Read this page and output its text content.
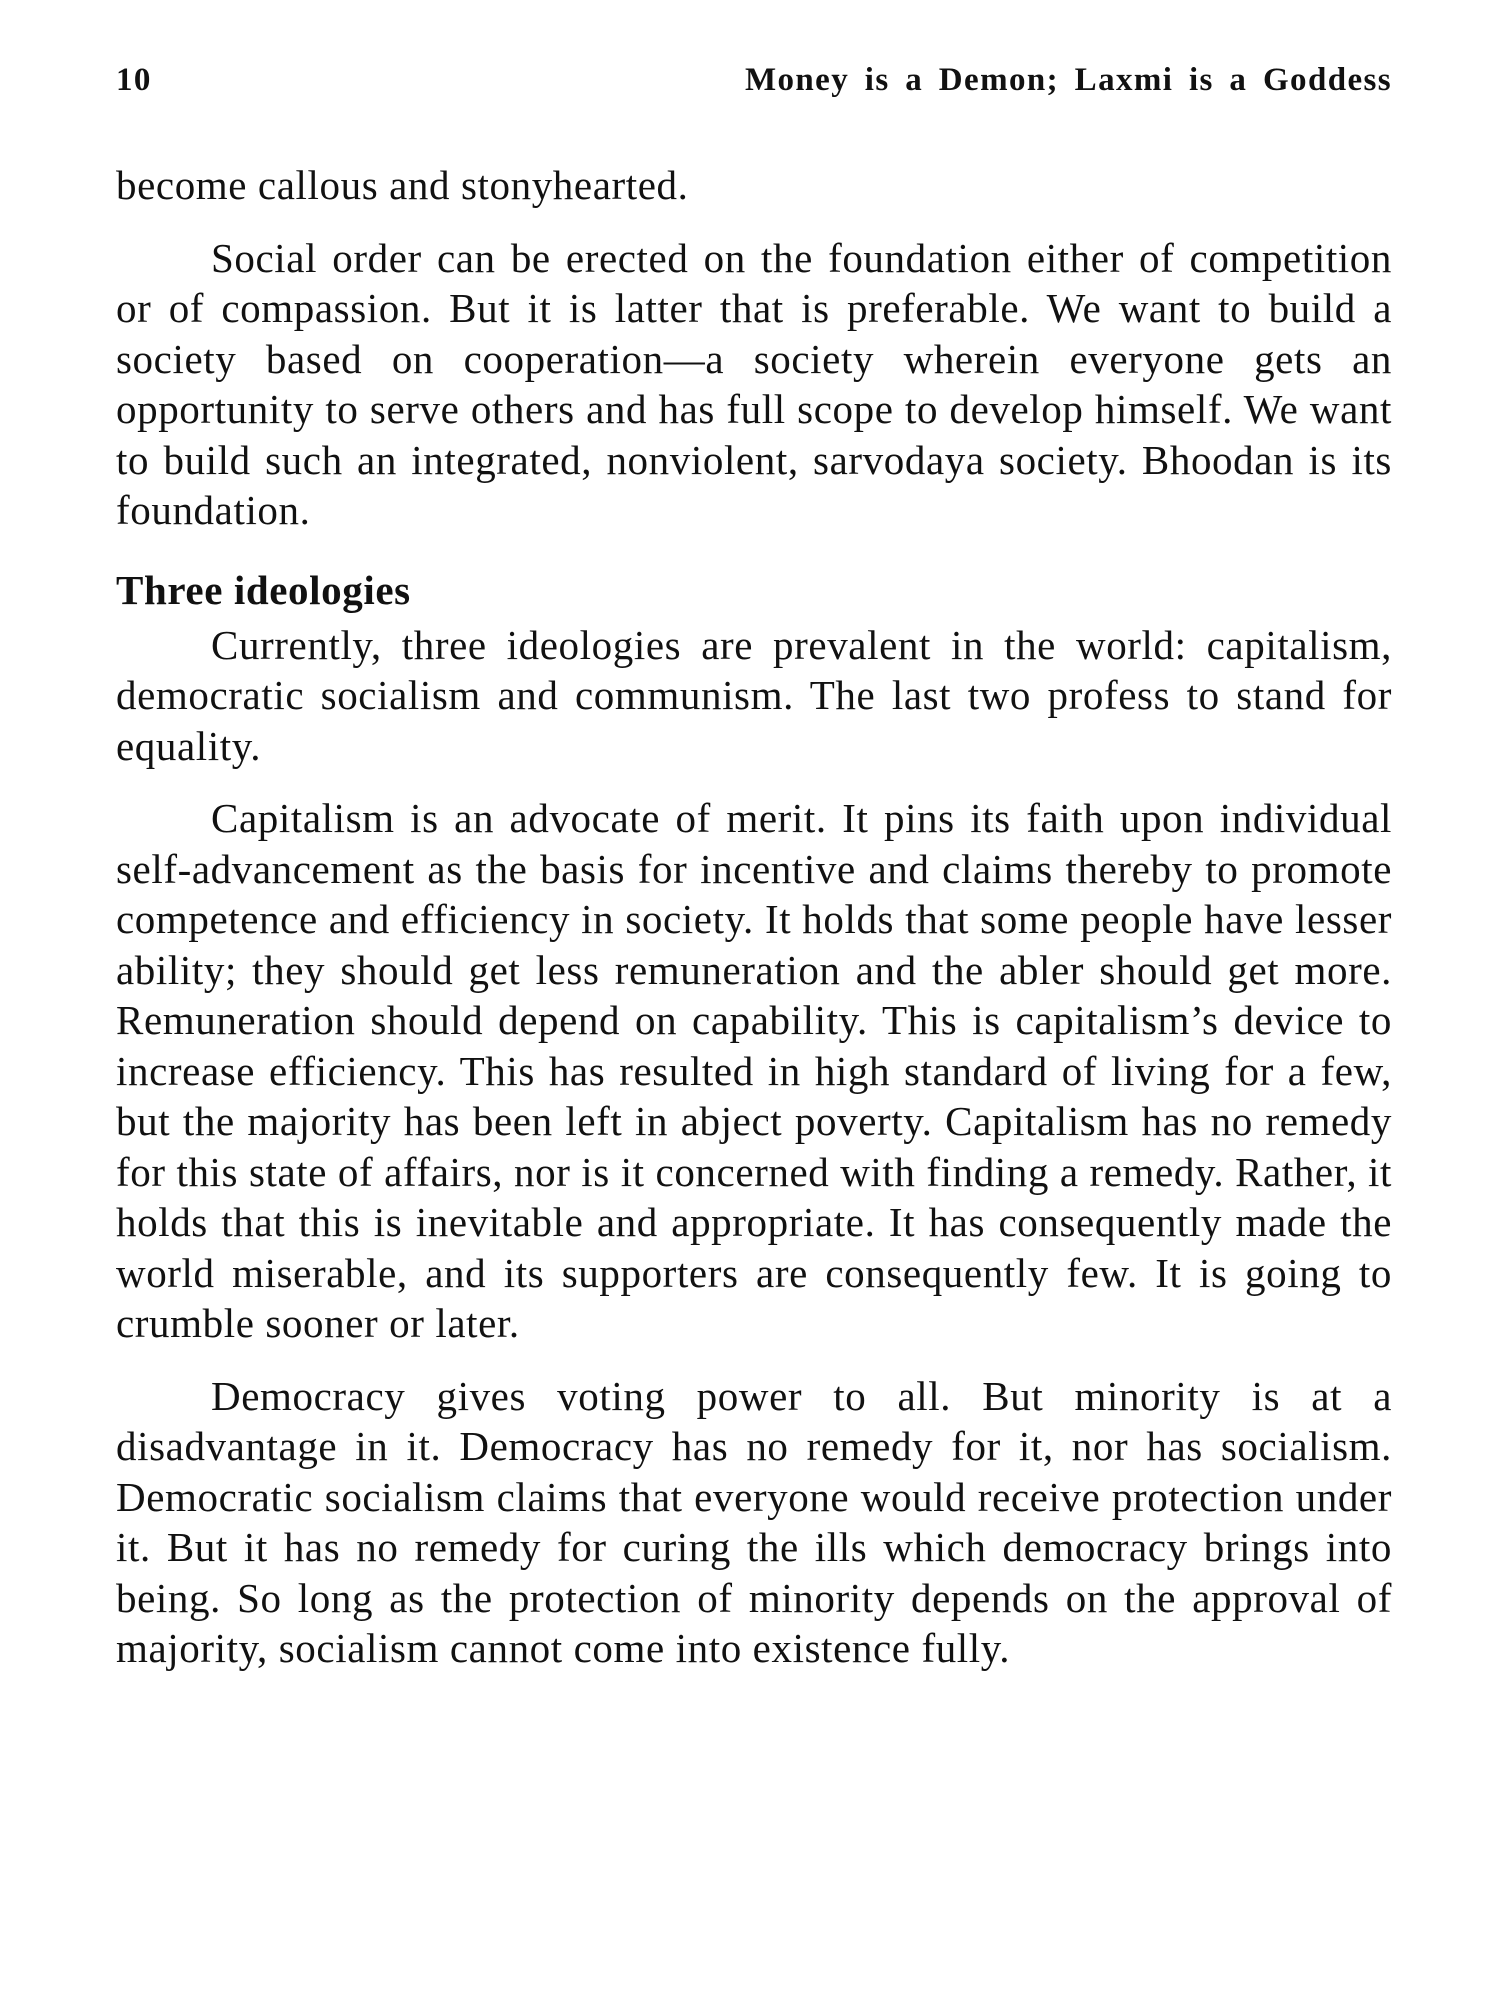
10	Money is a Demon; Laxmi is a Goddess

become callous and stonyhearted.

Social order can be erected on the foundation either of competition or of compassion. But it is latter that is preferable. We want to build a society based on cooperation—a society wherein everyone gets an opportunity to serve others and has full scope to develop himself. We want to build such an integrated, nonviolent, sarvodaya society. Bhoodan is its foundation.

Three ideologies

Currently, three ideologies are prevalent in the world: capitalism, democratic socialism and communism. The last two profess to stand for equality.

Capitalism is an advocate of merit. It pins its faith upon individual self-advancement as the basis for incentive and claims thereby to promote competence and efficiency in society. It holds that some people have lesser ability; they should get less remuneration and the abler should get more. Remuneration should depend on capability. This is capitalism’s device to increase efficiency. This has resulted in high standard of living for a few, but the majority has been left in abject poverty. Capitalism has no remedy for this state of affairs, nor is it concerned with finding a remedy. Rather, it holds that this is inevitable and appropriate. It has consequently made the world miserable, and its supporters are consequently few. It is going to crumble sooner or later.

Democracy gives voting power to all. But minority is at a disadvantage in it. Democracy has no remedy for it, nor has socialism. Democratic socialism claims that everyone would receive protection under it. But it has no remedy for curing the ills which democracy brings into being. So long as the protection of minority depends on the approval of majority, socialism cannot come into existence fully.
